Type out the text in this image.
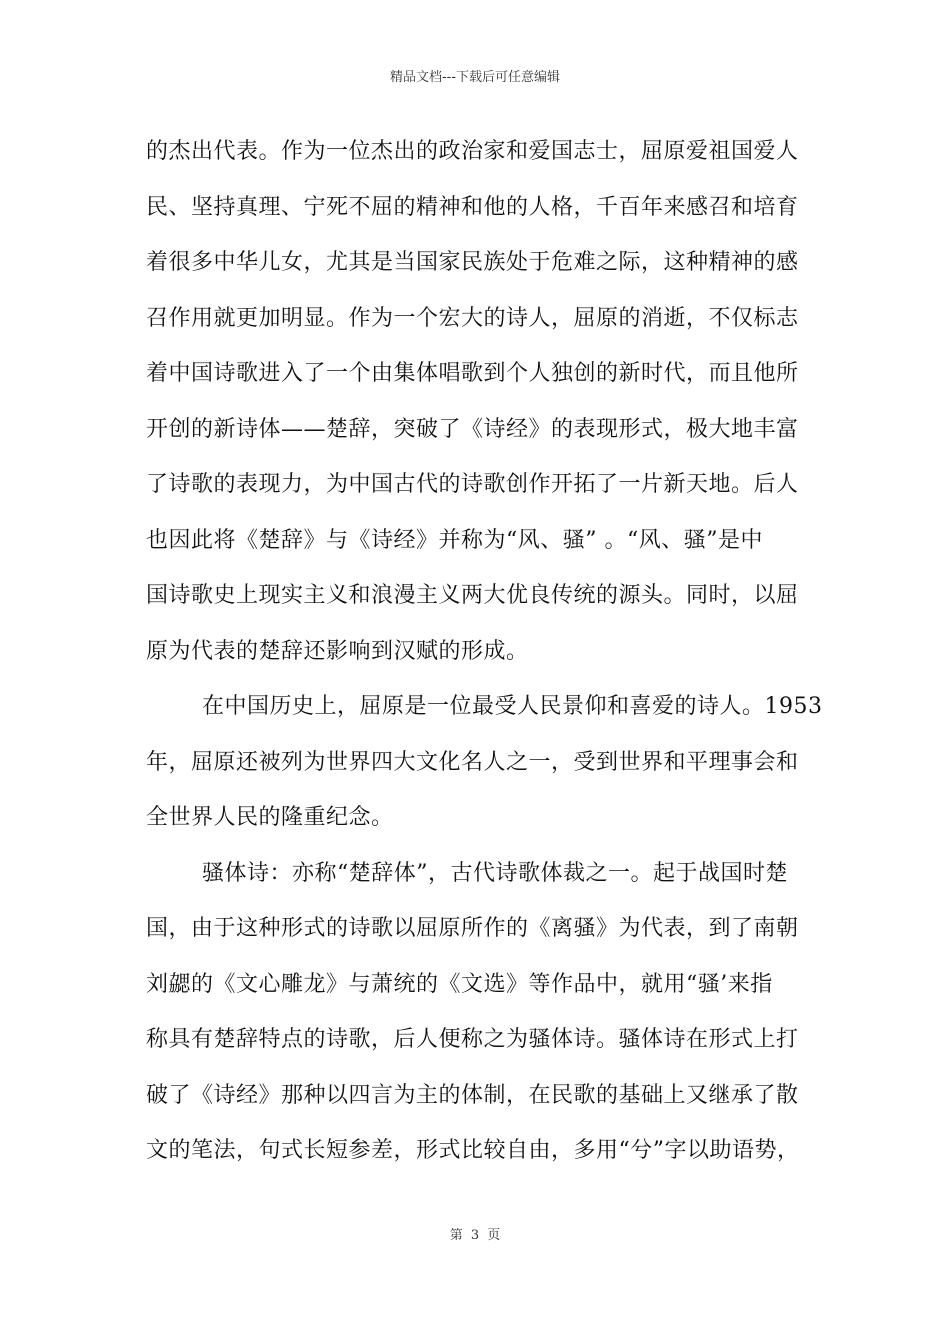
精品文档---下载后可任意编辑
的杰出代表。作为一位杰出的政治家和爱国志士，屈原爱祖国爱人
民、坚持真理、宁死不屈的精神和他的人格，千百年来感召和培育
着很多中华儿女，尤其是当国家民族处于危难之际，这种精神的感
召作用就更加明显。作为一个宏大的诗人，屈原的消逝，不仅标志
着中国诗歌进入了一个由集体唱歌到个人独创的新时代，而且他所
开创的新诗体——楚辞，突破了《诗经》的表现形式，极大地丰富
了诗歌的表现力，为中国古代的诗歌创作开拓了一片新天地。后人
也因此将《楚辞》与《诗经》并称为“风、骚” 。“风、骚”是中
国诗歌史上现实主义和浪漫主义两大优良传统的源头。同时，以屈
原为代表的楚辞还影响到汉赋的形成。
在中国历史上，屈原是一位最受人民景仰和喜爱的诗人。1953
年，屈原还被列为世界四大文化名人之一，受到世界和平理事会和
全世界人民的隆重纪念。
骚体诗：亦称“楚辞体”，古代诗歌体裁之一。起于战国时楚
国，由于这种形式的诗歌以屈原所作的《离骚》为代表，到了南朝
刘勰的《文心雕龙》与萧统的《文选》等作品中，就用“骚’来指
称具有楚辞特点的诗歌，后人便称之为骚体诗。骚体诗在形式上打
破了《诗经》那种以四言为主的体制，在民歌的基础上又继承了散
文的笔法，句式长短参差，形式比较自由，多用“兮”字以助语势，
第 3 页
